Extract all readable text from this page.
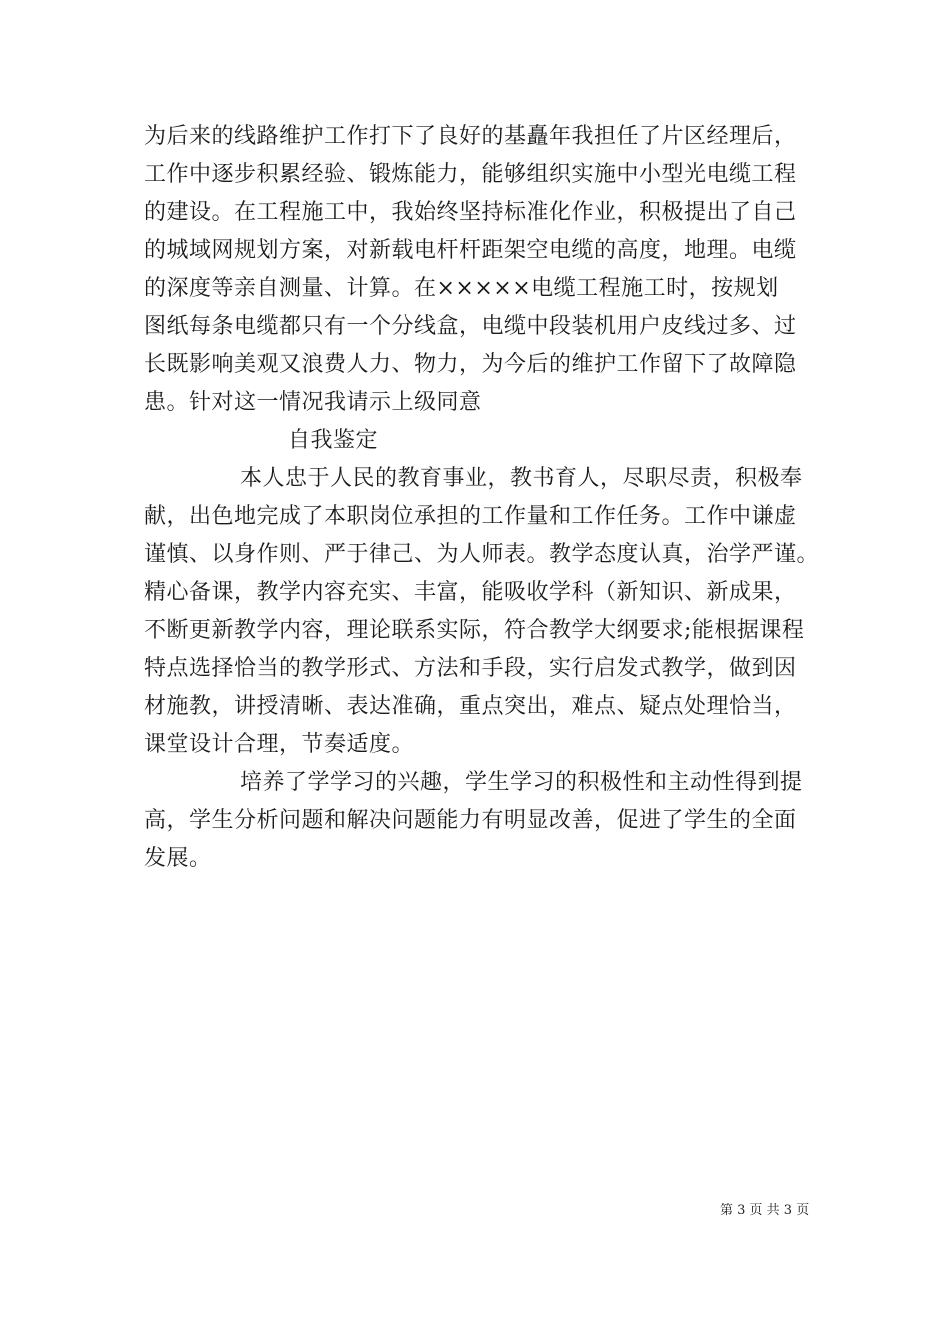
为后来的线路维护工作打下了良好的基矗年我担任了片区经理后，
工作中逐步积累经验、锻炼能力，能够组织实施中小型光电缆工程
的建设。在工程施工中，我始终坚持标准化作业，积极提出了自己
的城域网规划方案，对新载电杆杆距架空电缆的高度，地理。电缆
的深度等亲自测量、计算。在×××××电缆工程施工时，按规划
图纸每条电缆都只有一个分线盒，电缆中段装机用户皮线过多、过
长既影响美观又浪费人力、物力，为今后的维护工作留下了故障隐
患。针对这一情况我请示上级同意
自我鉴定
本人忠于人民的教育事业，教书育人，尽职尽责，积极奉
献，出色地完成了本职岗位承担的工作量和工作任务。工作中谦虚
谨慎、以身作则、严于律己、为人师表。教学态度认真，治学严谨。
精心备课，教学内容充实、丰富，能吸收学科（新知识、新成果，
不断更新教学内容，理论联系实际，符合教学大纲要求;能根据课程
特点选择恰当的教学形式、方法和手段，实行启发式教学，做到因
材施教，讲授清晰、表达准确，重点突出，难点、疑点处理恰当，
课堂设计合理，节奏适度。
培养了学学习的兴趣，学生学习的积极性和主动性得到提
高，学生分析问题和解决问题能力有明显改善，促进了学生的全面
发展。
第 3 页 共 3 页
